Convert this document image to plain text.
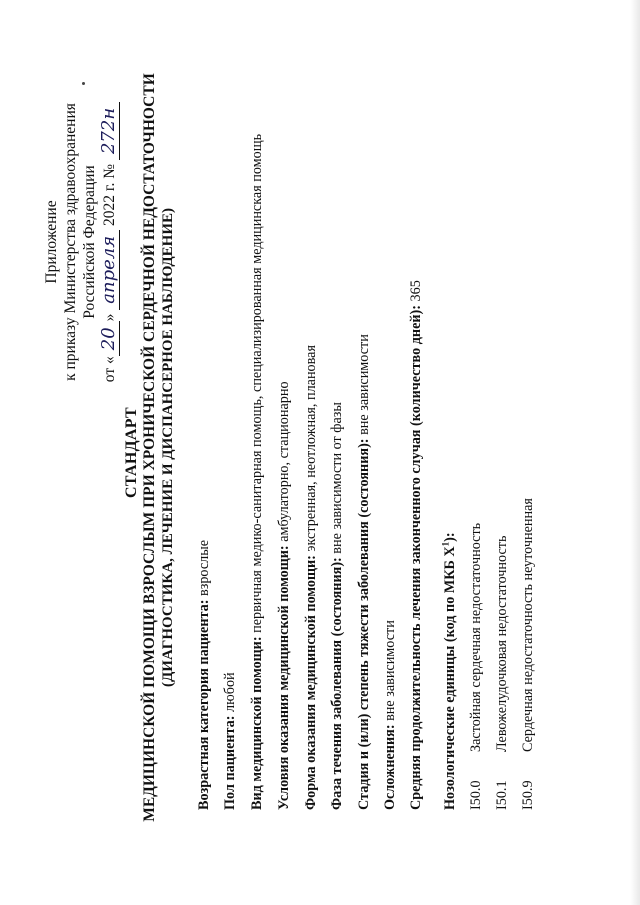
Приложение к приказу Министерства здравоохранения Российской Федерации
от «20» апреля 2022 г. № 272н
СТАНДАРТ МЕДИЦИНСКОЙ ПОМОЩИ ВЗРОСЛЫМ ПРИ ХРОНИЧЕСКОЙ СЕРДЕЧНОЙ НЕДОСТАТОЧНОСТИ (ДИАГНОСТИКА, ЛЕЧЕНИЕ И ДИСПАНСЕРНОЕ НАБЛЮДЕНИЕ)
Возрастная категория пациента: взрослые
Пол пациента: любой Вид медицинской помощи: первичная медико-санитарная помощь, специализированная медицинская помощь
Условия оказания медицинской помощи: амбулаторно, стационарно
Форма оказания медицинской помощи: экстренная, неотложная, плановая
Фаза течения заболевания (состояния): вне зависимости от фазы Стадия и (или) степень тяжести заболевания (состояния): вне зависимости
Осложнения: вне зависимости Средняя продолжительность лечения законченного случая (количество дней): 365
Нозологические единицы (код по МКБ $Х^1$):
I50.0Застойная сердечная недостаточность
I50.1Левожелудочковая недостаточность
I50.9Сердечная недостаточность неуточненная
